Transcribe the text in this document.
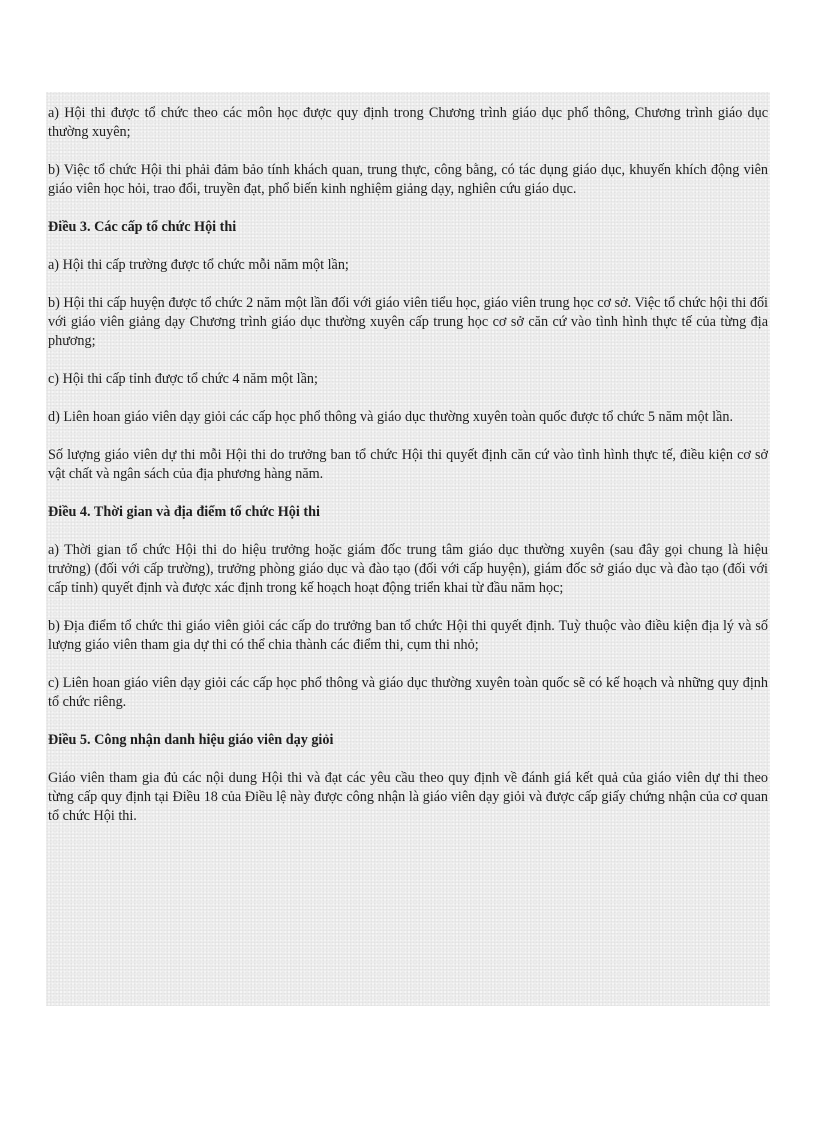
a) Hội thi được tổ chức theo các môn học được quy định trong Chương trình giáo dục phổ thông, Chương trình giáo dục thường xuyên;

b) Việc tổ chức Hội thi phải đảm bảo tính khách quan, trung thực, công bằng, có tác dụng giáo dục, khuyến khích động viên giáo viên học hỏi, trao đổi, truyền đạt, phổ biến kinh nghiệm giảng dạy, nghiên cứu giáo dục.

Điều 3. Các cấp tổ chức Hội thi

a) Hội thi cấp trường được tổ chức mỗi năm một lần;

b) Hội thi cấp huyện được tổ chức 2 năm một lần đối với giáo viên tiểu học, giáo viên trung học cơ sở. Việc tổ chức hội thi đối với giáo viên giảng dạy Chương trình giáo dục thường xuyên cấp trung học cơ sở căn cứ vào tình hình thực tế của từng địa phương;

c) Hội thi cấp tỉnh được tổ chức 4 năm một lần;

d) Liên hoan giáo viên dạy giỏi các cấp học phổ thông và giáo dục thường xuyên toàn quốc được tổ chức 5 năm một lần.

Số lượng giáo viên dự thi mỗi Hội thi do trưởng ban tổ chức Hội thi quyết định căn cứ vào tình hình thực tế, điều kiện cơ sở vật chất và ngân sách của địa phương hàng năm.

Điều 4. Thời gian và địa điểm tổ chức Hội thi

a) Thời gian tổ chức Hội thi do hiệu trưởng hoặc giám đốc trung tâm giáo dục thường xuyên (sau đây gọi chung là hiệu trưởng) (đối với cấp trường), trưởng phòng giáo dục và đào tạo (đối với cấp huyện), giám đốc sở giáo dục và đào tạo (đối với cấp tỉnh) quyết định và được xác định trong kế hoạch hoạt động triển khai từ đầu năm học;

b) Địa điểm tổ chức thi giáo viên giỏi các cấp do trưởng ban tổ chức Hội thi quyết định. Tuỳ thuộc vào điều kiện địa lý và số lượng giáo viên tham gia dự thi có thể chia thành các điểm thi, cụm thi nhỏ;

c) Liên hoan giáo viên dạy giỏi các cấp học phổ thông và giáo dục thường xuyên toàn quốc sẽ có kế hoạch và những quy định tổ chức riêng.

Điều 5. Công nhận danh hiệu giáo viên dạy giỏi

Giáo viên tham gia đủ các nội dung Hội thi và đạt các yêu cầu theo quy định về đánh giá kết quả của giáo viên dự thi theo từng cấp quy định tại Điều 18 của Điều lệ này được công nhận là giáo viên dạy giỏi và được cấp giấy chứng nhận của cơ quan tổ chức Hội thi.
